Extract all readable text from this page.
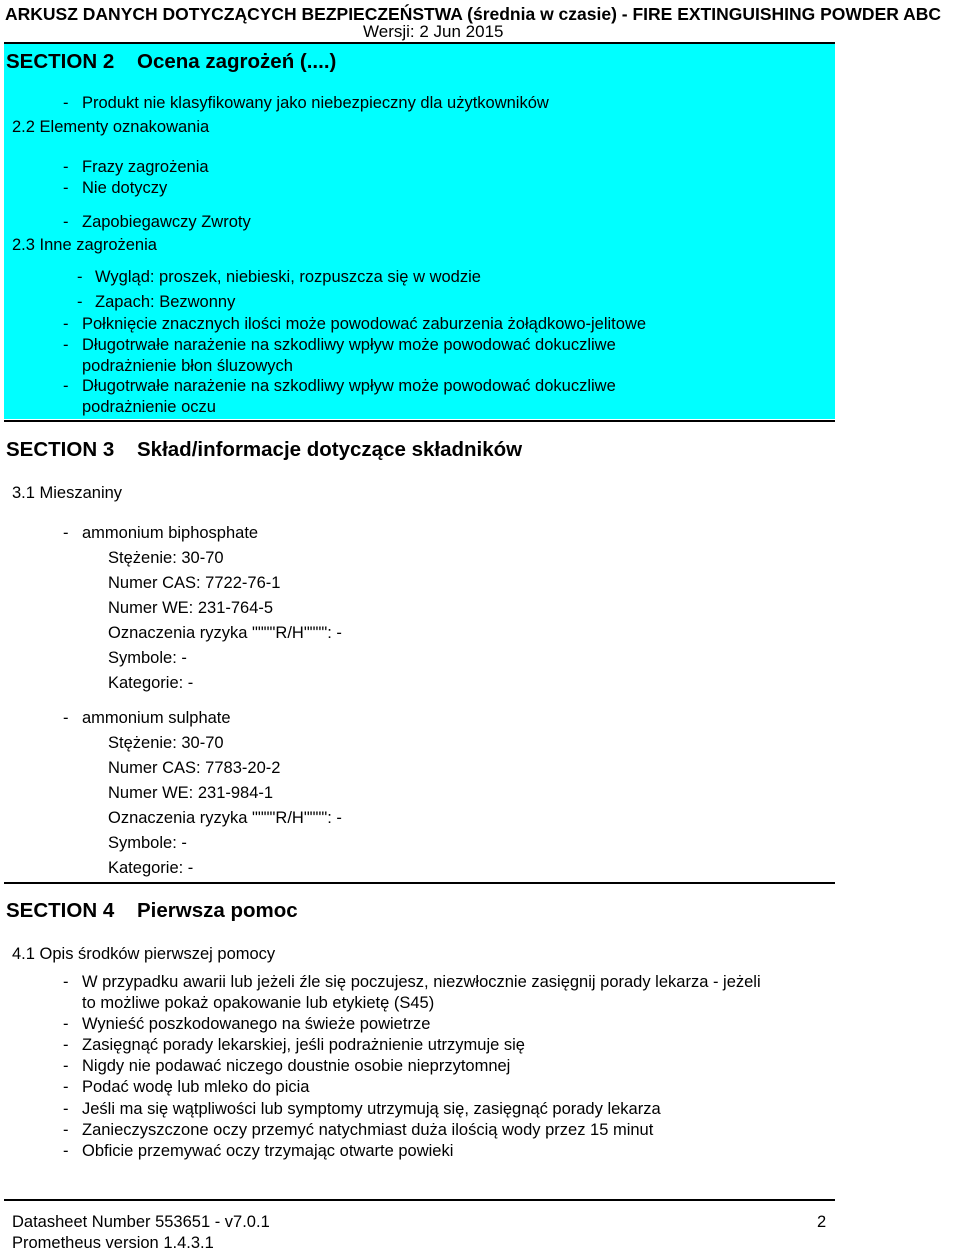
ARKUSZ DANYCH DOTYCZĄCYCH BEZPIECZEŃSTWA (średnia w czasie) - FIRE EXTINGUISHING POWDER ABC
Wersji: 2 Jun 2015
SECTION 2 Ocena zagrożeń (....)
- Produkt nie klasyfikowany jako niebezpieczny dla użytkowników
2.2 Elementy oznakowania
- Frazy zagrożenia
- Nie dotyczy
- Zapobiegawczy Zwroty
2.3 Inne zagrożenia
- Wygląd: proszek, niebieski, rozpuszcza się w wodzie
- Zapach: Bezwonny
- Połknięcie znacznych ilości może powodować zaburzenia żołądkowo-jelitowe
- Długotrwałe narażenie na szkodliwy wpływ może powodować dokuczliwe
podrażnienie błon śluzowych
- Długotrwałe narażenie na szkodliwy wpływ może powodować dokuczliwe
podrażnienie oczu
SECTION 3 Skład/informacje dotyczące składników
3.1 Mieszaniny
- ammonium biphosphate
Stężenie: 30-70
Numer CAS: 7722-76-1
Numer WE: 231-764-5
Oznaczenia ryzyka """"R/H"""": -
Symbole: -
Kategorie: -
- ammonium sulphate
Stężenie: 30-70
Numer CAS: 7783-20-2
Numer WE: 231-984-1
Oznaczenia ryzyka """"R/H"""": -
Symbole: -
Kategorie: -
SECTION 4 Pierwsza pomoc
4.1 Opis środków pierwszej pomocy
- W przypadku awarii lub jeżeli źle się poczujesz, niezwłocznie zasięgnij porady lekarza - jeżeli
to możliwe pokaż opakowanie lub etykietę (S45)
- Wynieść poszkodowanego na świeże powietrze
- Zasięgnąć porady lekarskiej, jeśli podrażnienie utrzymuje się
- Nigdy nie podawać niczego doustnie osobie nieprzytomnej
- Podać wodę lub mleko do picia
- Jeśli ma się wątpliwości lub symptomy utrzymują się, zasięgnąć porady lekarza
- Zanieczyszczone oczy przemyć natychmiast duża ilością wody przez 15 minut
- Obficie przemywać oczy trzymając otwarte powieki
Datasheet Number 553651 - v7.0.1	2
Prometheus version 1.4.3.1
